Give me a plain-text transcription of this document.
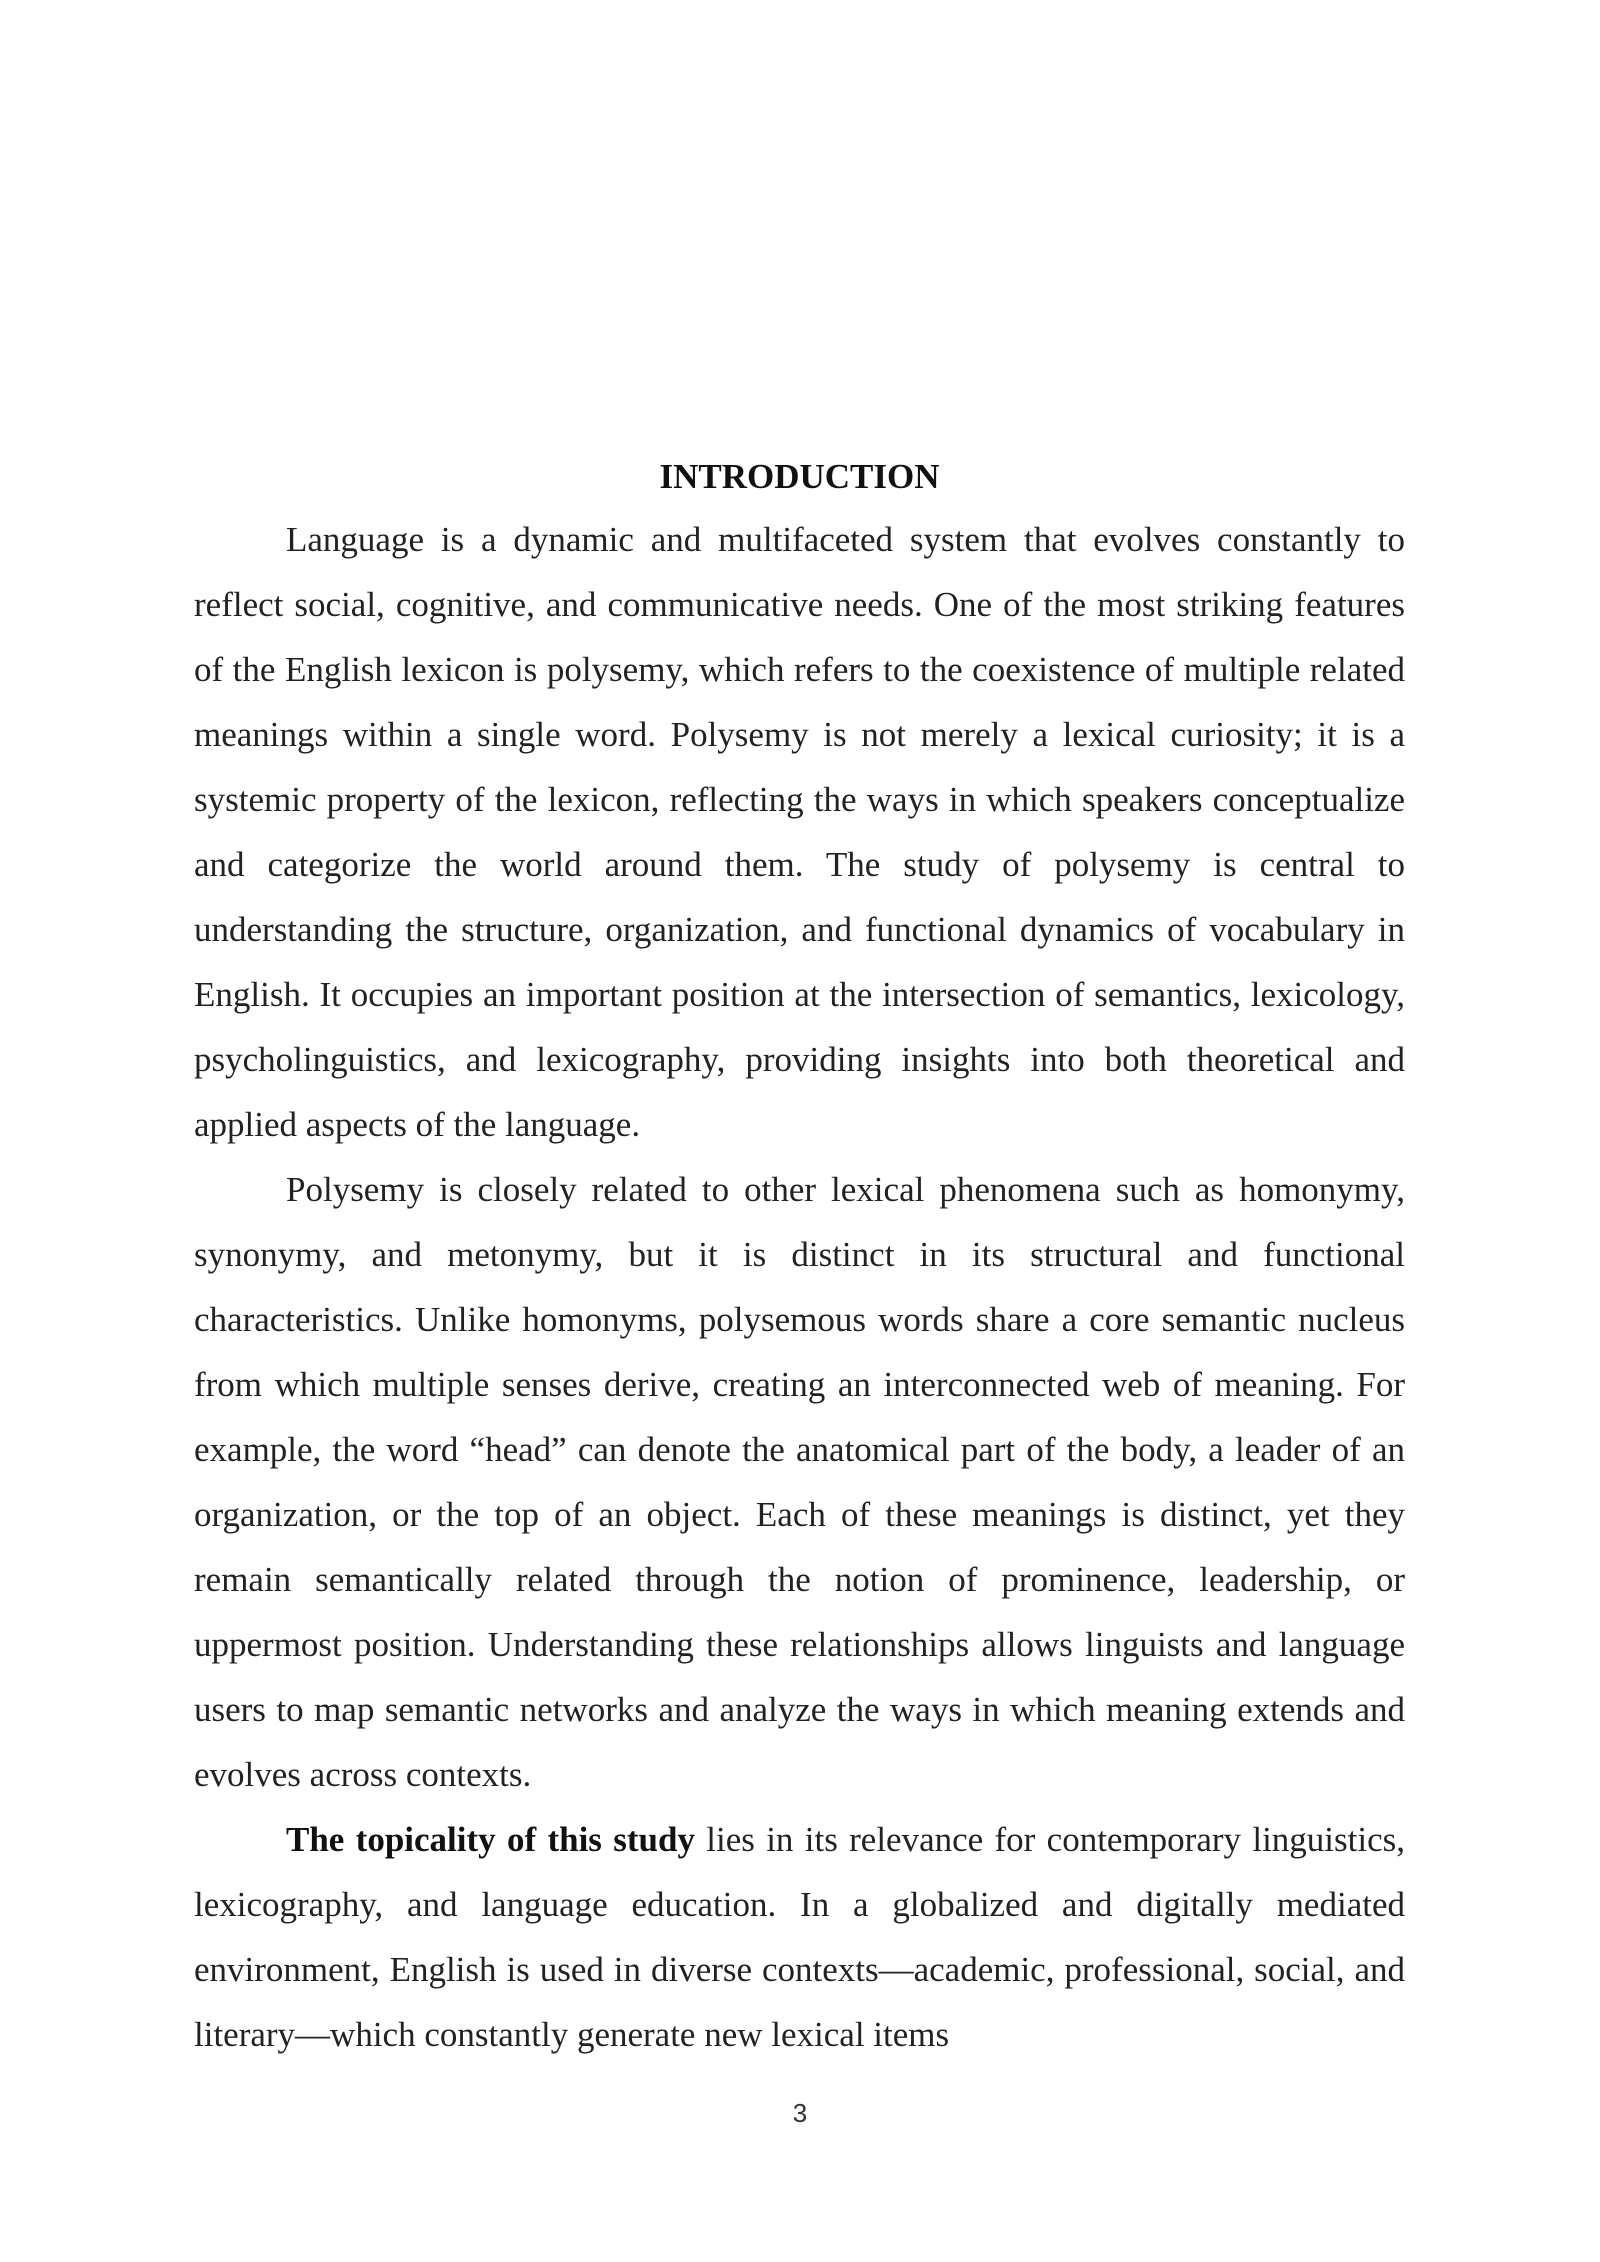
INTRODUCTION

Language is a dynamic and multifaceted system that evolves constantly to reflect social, cognitive, and communicative needs. One of the most striking features of the English lexicon is polysemy, which refers to the coexistence of multiple related meanings within a single word. Polysemy is not merely a lexical curiosity; it is a systemic property of the lexicon, reflecting the ways in which speakers conceptualize and categorize the world around them. The study of polysemy is central to understanding the structure, organization, and functional dynamics of vocabulary in English. It occupies an important position at the intersection of semantics, lexicology, psycholinguistics, and lexicography, providing insights into both theoretical and applied aspects of the language.

Polysemy is closely related to other lexical phenomena such as homonymy, synonymy, and metonymy, but it is distinct in its structural and functional characteristics. Unlike homonyms, polysemous words share a core semantic nucleus from which multiple senses derive, creating an interconnected web of meaning. For example, the word “head” can denote the anatomical part of the body, a leader of an organization, or the top of an object. Each of these meanings is distinct, yet they remain semantically related through the notion of prominence, leadership, or uppermost position. Understanding these relationships allows linguists and language users to map semantic networks and analyze the ways in which meaning extends and evolves across contexts.

The topicality of this study lies in its relevance for contemporary linguistics, lexicography, and language education. In a globalized and digitally mediated environment, English is used in diverse contexts—academic, professional, social, and literary—which constantly generate new lexical items

3
